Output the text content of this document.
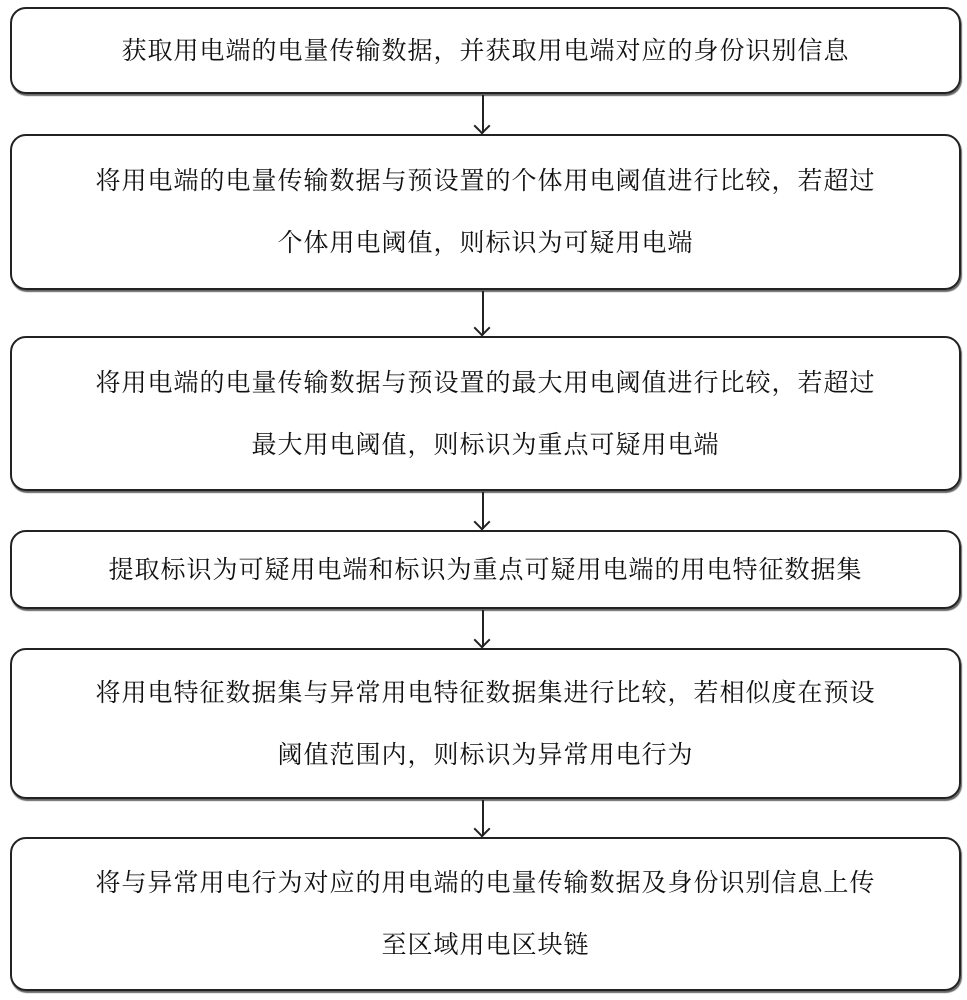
获取用电端的电量传输数据，并获取用电端对应的身份识别信息
将用电端的电量传输数据与预设置的个体用电阈值进行比较，若超过
个体用电阈值，则标识为可疑用电端
将用电端的电量传输数据与预设置的最大用电阈值进行比较，若超过
最大用电阈值，则标识为重点可疑用电端
提取标识为可疑用电端和标识为重点可疑用电端的用电特征数据集
将用电特征数据集与异常用电特征数据集进行比较，若相似度在预设
阈值范围内，则标识为异常用电行为
将与异常用电行为对应的用电端的电量传输数据及身份识别信息上传
至区域用电区块链
